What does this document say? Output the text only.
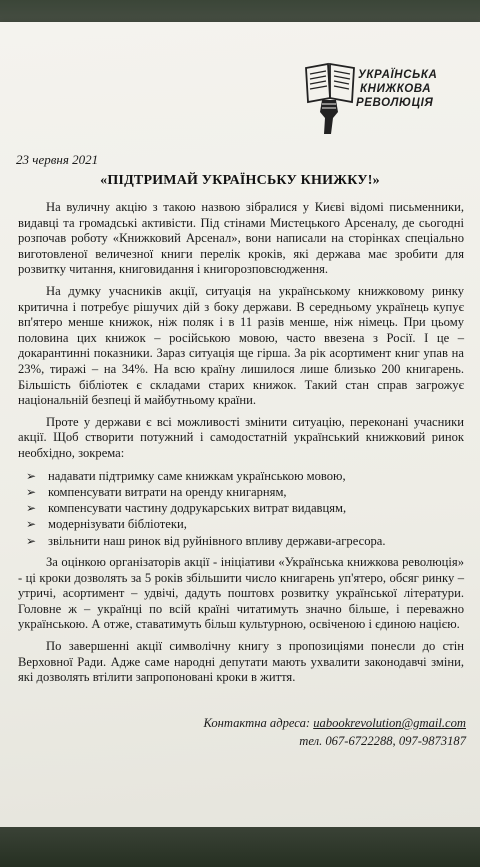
УКРАЇНСЬКА
КНИЖКОВА
РЕВОЛЮЦІЯ
23 червня 2021
«ПІДТРИМАЙ УКРАЇНСЬКУ КНИЖКУ!»

На вуличну акцію з такою назвою зібралися у Києві відомі письменники, видавці та громадські активісти. Під стінами Мистецького Арсеналу, де сьогодні розпочав роботу «Книжковий Арсенал», вони написали на сторінках спеціально виготовленої величезної книги перелік кроків, які держава має зробити для розвитку читання, книговидання і книгорозповсюдження.

На думку учасників акції, ситуація на українському книжковому ринку критична і потребує рішучих дій з боку держави. В середньому українець купує вп'ятеро менше книжок, ніж поляк і в 11 разів менше, ніж німець. При цьому половина цих книжок – російською мовою, часто ввезена з Росії. І це – докарантинні показники. Зараз ситуація ще гірша. За рік асортимент книг упав на 23%, тиражі – на 34%. На всю країну лишилося лише близько 200 книгарень. Більшість бібліотек є складами старих книжок. Такий стан справ загрожує національній безпеці й майбутньому країни.

Проте у держави є всі можливості змінити ситуацію, переконані учасники акції. Щоб створити потужний і самодостатній український книжковий ринок необхідно, зокрема:

➢ надавати підтримку саме книжкам українською мовою,
➢ компенсувати витрати на оренду книгарням,
➢ компенсувати частину додрукарських витрат видавцям,
➢ модернізувати бібліотеки,
➢ звільнити наш ринок від руйнівного впливу держави-агресора.

За оцінкою організаторів акції - ініціативи «Українська книжкова революція» - ці кроки дозволять за 5 років збільшити число книгарень уп'ятеро, обсяг ринку – утричі, асортимент – удвічі, дадуть поштовх розвитку української літератури. Головне ж – українці по всій країні читатимуть значно більше, і переважно українською. А отже, ставатимуть більш культурною, освіченою і єдиною нацією.

По завершенні акції символічну книгу з пропозиціями понесли до стін Верховної Ради. Адже саме народні депутати мають ухвалити законодавчі зміни, які дозволять втілити запропоновані кроки в життя.

Контактна адреса: uabookrevolution@gmail.com
тел. 067-6722288, 097-9873187
